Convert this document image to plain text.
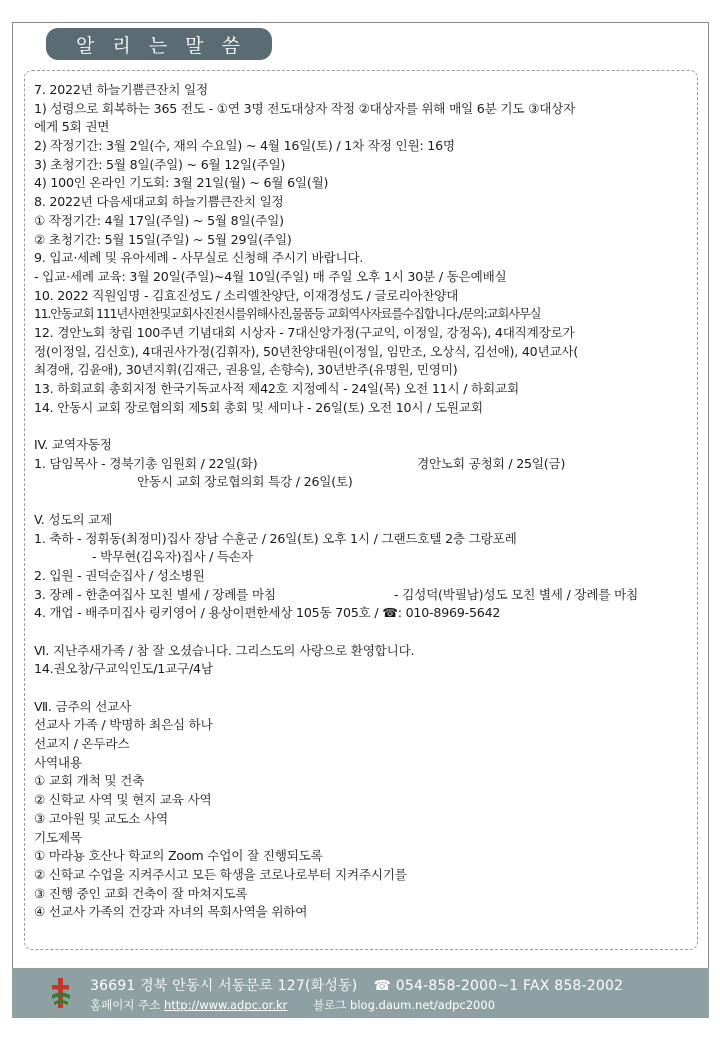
알 리 는 말 씀
7. 2022년 하늘기쁨큰잔치 일정
1) 성령으로 회복하는 365 전도 - ①연 3명 전도대상자 작정 ②대상자를 위해 매일 6분 기도 ③대상자
에게 5회 권면
2) 작정기간: 3월 2일(수, 재의 수요일) ~ 4월 16일(토) / 1차 작정 인원: 16명
3) 초청기간: 5월 8일(주일) ~ 6월 12일(주일)
4) 100인 온라인 기도회: 3월 21일(월) ~ 6월 6일(월)
8. 2022년 다음세대교회 하늘기쁨큰잔치 일정
① 작정기간: 4월 17일(주일) ~ 5월 8일(주일)
② 초청기간: 5월 15일(주일) ~ 5월 29일(주일)
9. 입교·세례 및 유아세례 - 사무실로 신청해 주시기 바랍니다.
- 입교·세례 교육: 3월 20일(주일)~4월 10일(주일) 매 주일 오후 1시 30분 / 동은예배실
10. 2022 직원임명 - 김효진성도 / 소리엘찬양단, 이재경성도 / 글로리아찬양대
11.안동교회 111년사편찬및교회사진전시를위해사진,물품등 교회역사자료를수집합니다./문의:교회사무실
12. 경안노회 창립 100주년 기념대회 시상자 - 7대신앙가정(구교익, 이정일, 강정옥), 4대직계장로가
정(이정일, 김신호), 4대권사가정(김휘자), 50년찬양대원(이정일, 임만조, 오상식, 김선애), 40년교사(
최경애, 김윤애), 30년지휘(김재근, 권용일, 손향숙), 30년반주(유명원, 민영미)
13. 하회교회 총회지정 한국기독교사적 제42호 지정예식 - 24일(목) 오전 11시 / 하회교회
14. 안동시 교회 장로협의회 제5회 총회 및 세미나 - 26일(토) 오전 10시 / 도원교회
IV. 교역자동정
1. 담임목사 - 경북기총 임원회 / 22일(화)	경안노회 공청회 / 25일(금)
안동시 교회 장로협의회 특강 / 26일(토)
V. 성도의 교제
1. 축하 - 정휘동(최정미)집사 장남 수훈군 / 26일(토) 오후 1시 / 그랜드호텔 2층 그랑포레
- 박무현(김옥자)집사 / 득손자
2. 입원 - 권덕순집사 / 성소병원
3. 장례 - 한춘여집사 모친 별세 / 장례를 마침	- 김성덕(박필남)성도 모친 별세 / 장례를 마침
4. 개업 - 배주미집사 링키영어 / 용상이편한세상 105동 705호 / ☎: 010-8969-5642
Ⅵ. 지난주새가족 / 참 잘 오셨습니다. 그리스도의 사랑으로 환영합니다.
14.권오창/구교익인도/1교구/4남
Ⅶ. 금주의 선교사
선교사 가족 / 박명하 최은심 하나
선교지 / 온두라스
사역내용
① 교회 개척 및 건축
② 신학교 사역 및 현지 교육 사역
③ 고아원 및 교도소 사역
기도제목
① 마라뇽 호산나 학교의 Zoom 수업이 잘 진행되도록
② 신학교 수업을 지켜주시고 모든 학생을 코로나로부터 지켜주시기를
③ 진행 중인 교회 건축이 잘 마쳐지도록
④ 선교사 가족의 건강과 자녀의 목회사역을 위하여
36691 경북 안동시 서동문로 127(화성동) ☎ 054-858-2000~1 FAX 858-2002
홈페이지 주소 http://www.adpc.or.kr 블로그 blog.daum.net/adpc2000
